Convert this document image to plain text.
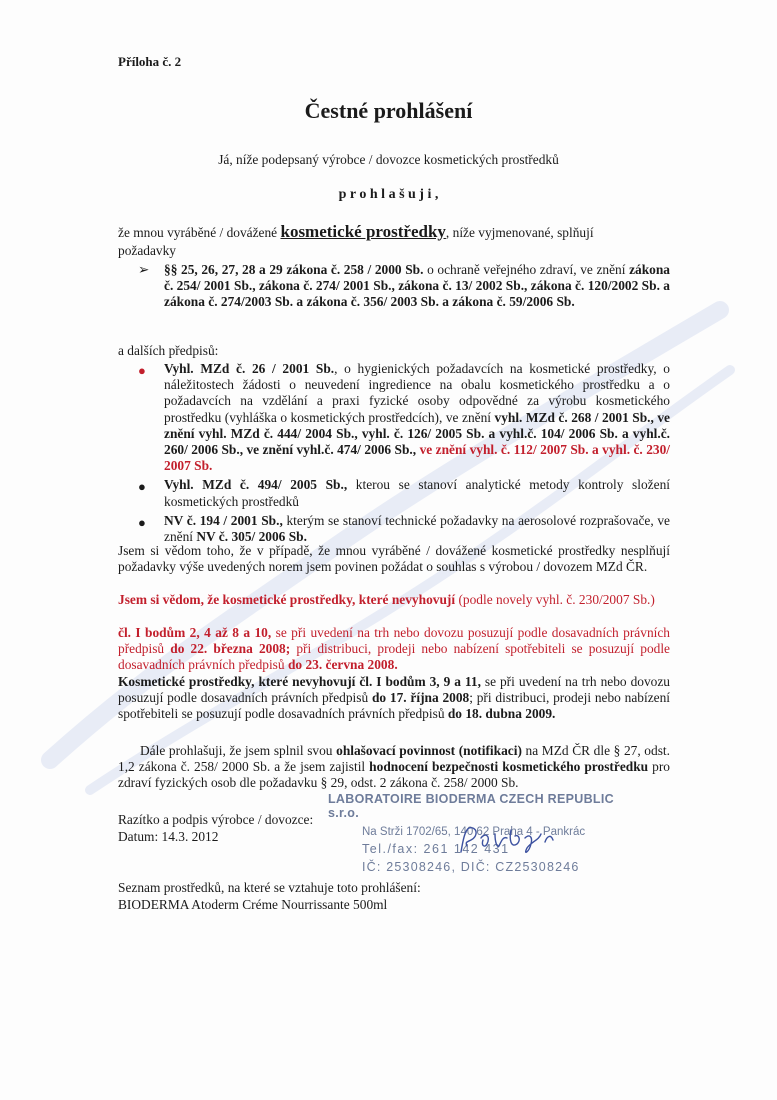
Příloha č. 2
Čestné prohlášení
Já, níže podepsaný výrobce / dovozce kosmetických prostředků
p r o h l a š u j i ,
že mnou vyráběné / dovážené kosmetické prostředky, níže vyjmenované, splňují
požadavky
➢ §§ 25, 26, 27, 28 a 29 zákona č. 258 / 2000 Sb. o ochraně veřejného zdraví, ve znění zákona č. 254/ 2001 Sb., zákona č. 274/ 2001 Sb., zákona č. 13/ 2002 Sb., zákona č. 120/2002 Sb. a zákona č. 274/2003 Sb. a zákona č. 356/ 2003 Sb. a zákona č. 59/2006 Sb.
a dalších předpisů:
● Vyhl. MZd č. 26 / 2001 Sb., o hygienických požadavcích na kosmetické prostředky, o náležitostech žádosti o neuvedení ingredience na obalu kosmetického prostředku a o požadavcích na vzdělání a praxi fyzické osoby odpovědné za výrobu kosmetického prostředku (vyhláška o kosmetických prostředcích), ve znění vyhl. MZd č. 268 / 2001 Sb., ve znění vyhl. MZd č. 444/ 2004 Sb., vyhl. č. 126/ 2005 Sb. a vyhl.č. 104/ 2006 Sb. a vyhl.č. 260/ 2006 Sb., ve znění vyhl.č. 474/ 2006 Sb., ve znění vyhl. č. 112/ 2007 Sb. a vyhl. č. 230/ 2007 Sb.
● Vyhl. MZd č. 494/ 2005 Sb., kterou se stanoví analytické metody kontroly složení kosmetických prostředků
● NV č. 194 / 2001 Sb., kterým se stanoví technické požadavky na aerosolové rozprašovače, ve znění NV č. 305/ 2006 Sb.
Jsem si vědom toho, že v případě, že mnou vyráběné / dovážené kosmetické prostředky nesplňují požadavky výše uvedených norem jsem povinen požádat o souhlas s výrobou / dovozem MZd ČR.
Jsem si vědom, že kosmetické prostředky, které nevyhovují (podle novely vyhl. č. 230/2007 Sb.)
čl. I bodům 2, 4 až 8 a 10, se při uvedení na trh nebo dovozu posuzují podle dosavadních právních předpisů do 22. března 2008; při distribuci, prodeji nebo nabízení spotřebiteli se posuzují podle dosavadních právních předpisů do 23. června 2008.
Kosmetické prostředky, které nevyhovují čl. I bodům 3, 9 a 11, se při uvedení na trh nebo dovozu posuzují podle dosavadních právních předpisů do 17. října 2008; při distribuci, prodeji nebo nabízení spotřebiteli se posuzují podle dosavadních právních předpisů do 18. dubna 2009.
Dále prohlašuji, že jsem splnil svou ohlašovací povinnost (notifikaci) na MZd ČR dle § 27, odst. 1,2 zákona č. 258/ 2000 Sb. a že jsem zajistil hodnocení bezpečnosti kosmetického prostředku pro zdraví fyzických osob dle požadavku § 29, odst. 2 zákona č. 258/ 2000 Sb.
Razítko a podpis výrobce / dovozce:
Datum: 14.3. 2012
LABORATOIRE BIODERMA CZECH REPUBLIC s.r.o.
Na Strži 1702/65, 140 62 Praha 4 - Pankrác
Tel./fax: 261 142 431
IČ: 25308246, DIČ: CZ25308246
Seznam prostředků, na které se vztahuje toto prohlášení:
BIODERMA Atoderm Créme Nourrissante 500ml
